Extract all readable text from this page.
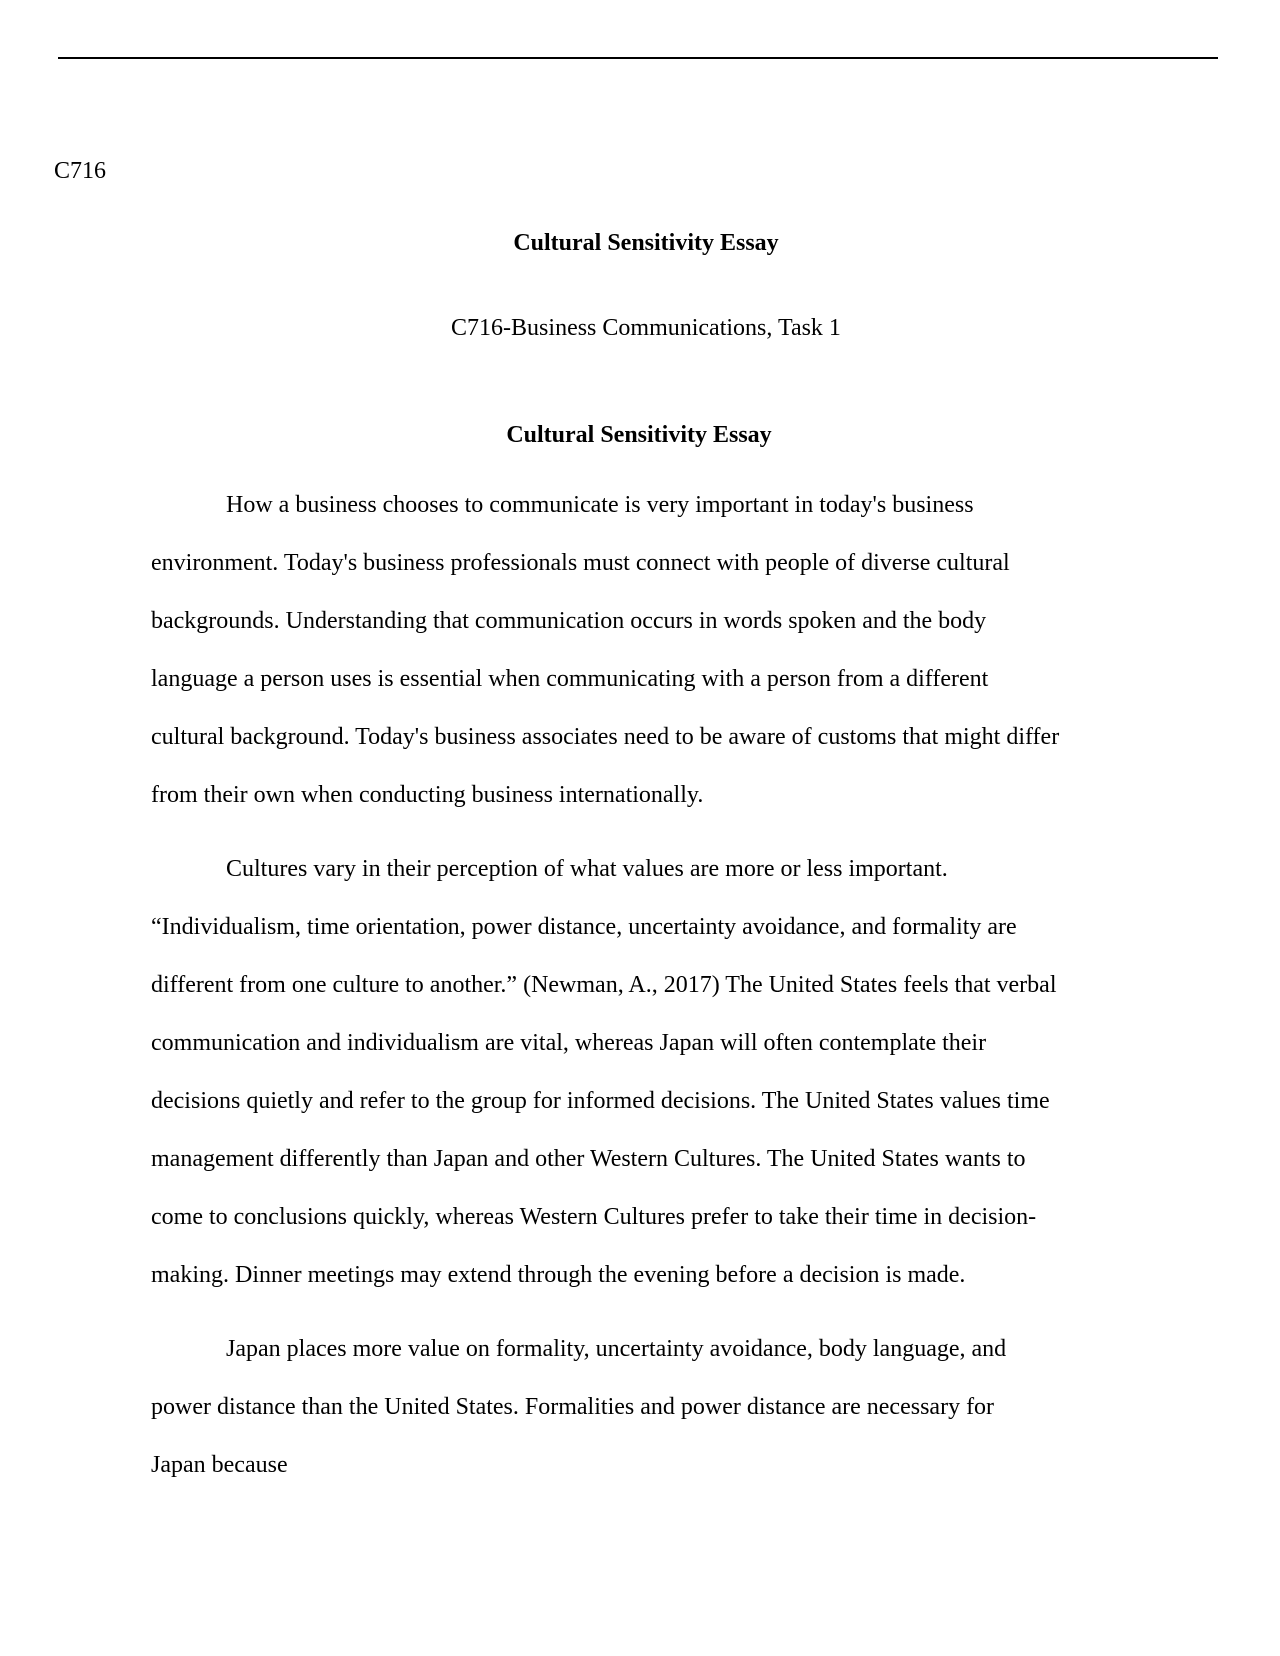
C716
Cultural Sensitivity Essay
C716-Business Communications, Task 1
Cultural Sensitivity Essay
How a business chooses to communicate is very important in today's business
environment. Today's business professionals must connect with people of diverse cultural
backgrounds. Understanding that communication occurs in words spoken and the body
language a person uses is essential when communicating with a person from a different
cultural background. Today's business associates need to be aware of customs that might differ
from their own when conducting business internationally.
Cultures vary in their perception of what values are more or less important.
“Individualism, time orientation, power distance, uncertainty avoidance, and formality are
different from one culture to another.” (Newman, A., 2017) The United States feels that verbal
communication and individualism are vital, whereas Japan will often contemplate their
decisions quietly and refer to the group for informed decisions. The United States values time
management differently than Japan and other Western Cultures. The United States wants to
come to conclusions quickly, whereas Western Cultures prefer to take their time in decision-
making. Dinner meetings may extend through the evening before a decision is made.
Japan places more value on formality, uncertainty avoidance, body language, and
power distance than the United States. Formalities and power distance are necessary for
Japan because
